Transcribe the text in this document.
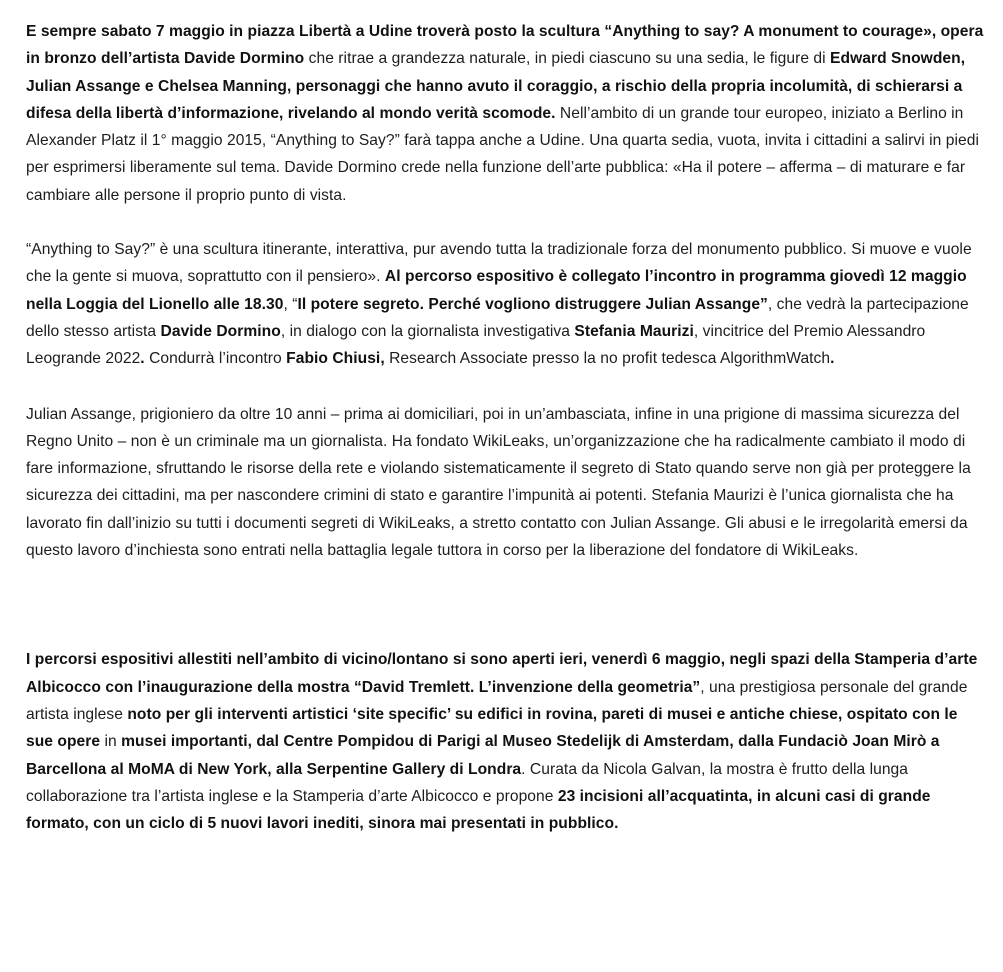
E sempre sabato 7 maggio in piazza Libertà a Udine troverà posto la scultura “Anything to say? A monument to courage», opera in bronzo dell’artista Davide Dormino che ritrae a grandezza naturale, in piedi ciascuno su una sedia, le figure di Edward Snowden, Julian Assange e Chelsea Manning, personaggi che hanno avuto il coraggio, a rischio della propria incolumità, di schierarsi a difesa della libertà d’informazione, rivelando al mondo verità scomode. Nell’ambito di un grande tour europeo, iniziato a Berlino in Alexander Platz il 1° maggio 2015, “Anything to Say?” farà tappa anche a Udine. Una quarta sedia, vuota, invita i cittadini a salirvi in piedi per esprimersi liberamente sul tema. Davide Dormino crede nella funzione dell’arte pubblica: «Ha il potere – afferma – di maturare e far cambiare alle persone il proprio punto di vista.

“Anything to Say?” è una scultura itinerante, interattiva, pur avendo tutta la tradizionale forza del monumento pubblico. Si muove e vuole che la gente si muova, soprattutto con il pensiero». Al percorso espositivo è collegato l’incontro in programma giovedì 12 maggio nella Loggia del Lionello alle 18.30, “Il potere segreto. Perché vogliono distruggere Julian Assange”, che vedrà la partecipazione dello stesso artista Davide Dormino, in dialogo con la giornalista investigativa Stefania Maurizi, vincitrice del Premio Alessandro Leogrande 2022. Condurrà l’incontro Fabio Chiusi, Research Associate presso la no profit tedesca AlgorithmWatch.

Julian Assange, prigioniero da oltre 10 anni – prima ai domiciliari, poi in un’ambasciata, infine in una prigione di massima sicurezza del Regno Unito – non è un criminale ma un giornalista. Ha fondato WikiLeaks, un’organizzazione che ha radicalmente cambiato il modo di fare informazione, sfruttando le risorse della rete e violando sistematicamente il segreto di Stato quando serve non già per proteggere la sicurezza dei cittadini, ma per nascondere crimini di stato e garantire l’impunità ai potenti. Stefania Maurizi è l’unica giornalista che ha lavorato fin dall’inizio su tutti i documenti segreti di WikiLeaks, a stretto contatto con Julian Assange. Gli abusi e le irregolarità emersi da questo lavoro d’inchiesta sono entrati nella battaglia legale tuttora in corso per la liberazione del fondatore di WikiLeaks.

I percorsi espositivi allestiti nell’ambito di vicino/lontano si sono aperti ieri, venerdì 6 maggio, negli spazi della Stamperia d’arte Albicocco con l’inaugurazione della mostra “David Tremlett. L’invenzione della geometria”, una prestigiosa personale del grande artista inglese noto per gli interventi artistici ‘site specific’ su edifici in rovina, pareti di musei e antiche chiese, ospitato con le sue opere in musei importanti, dal Centre Pompidou di Parigi al Museo Stedelijk di Amsterdam, dalla Fundaciò Joan Mirò a Barcellona al MoMA di New York, alla Serpentine Gallery di Londra. Curata da Nicola Galvan, la mostra è frutto della lunga collaborazione tra l’artista inglese e la Stamperia d’arte Albicocco e propone 23 incisioni all’acquatinta, in alcuni casi di grande formato, con un ciclo di 5 nuovi lavori inediti, sinora mai presentati in pubblico.
